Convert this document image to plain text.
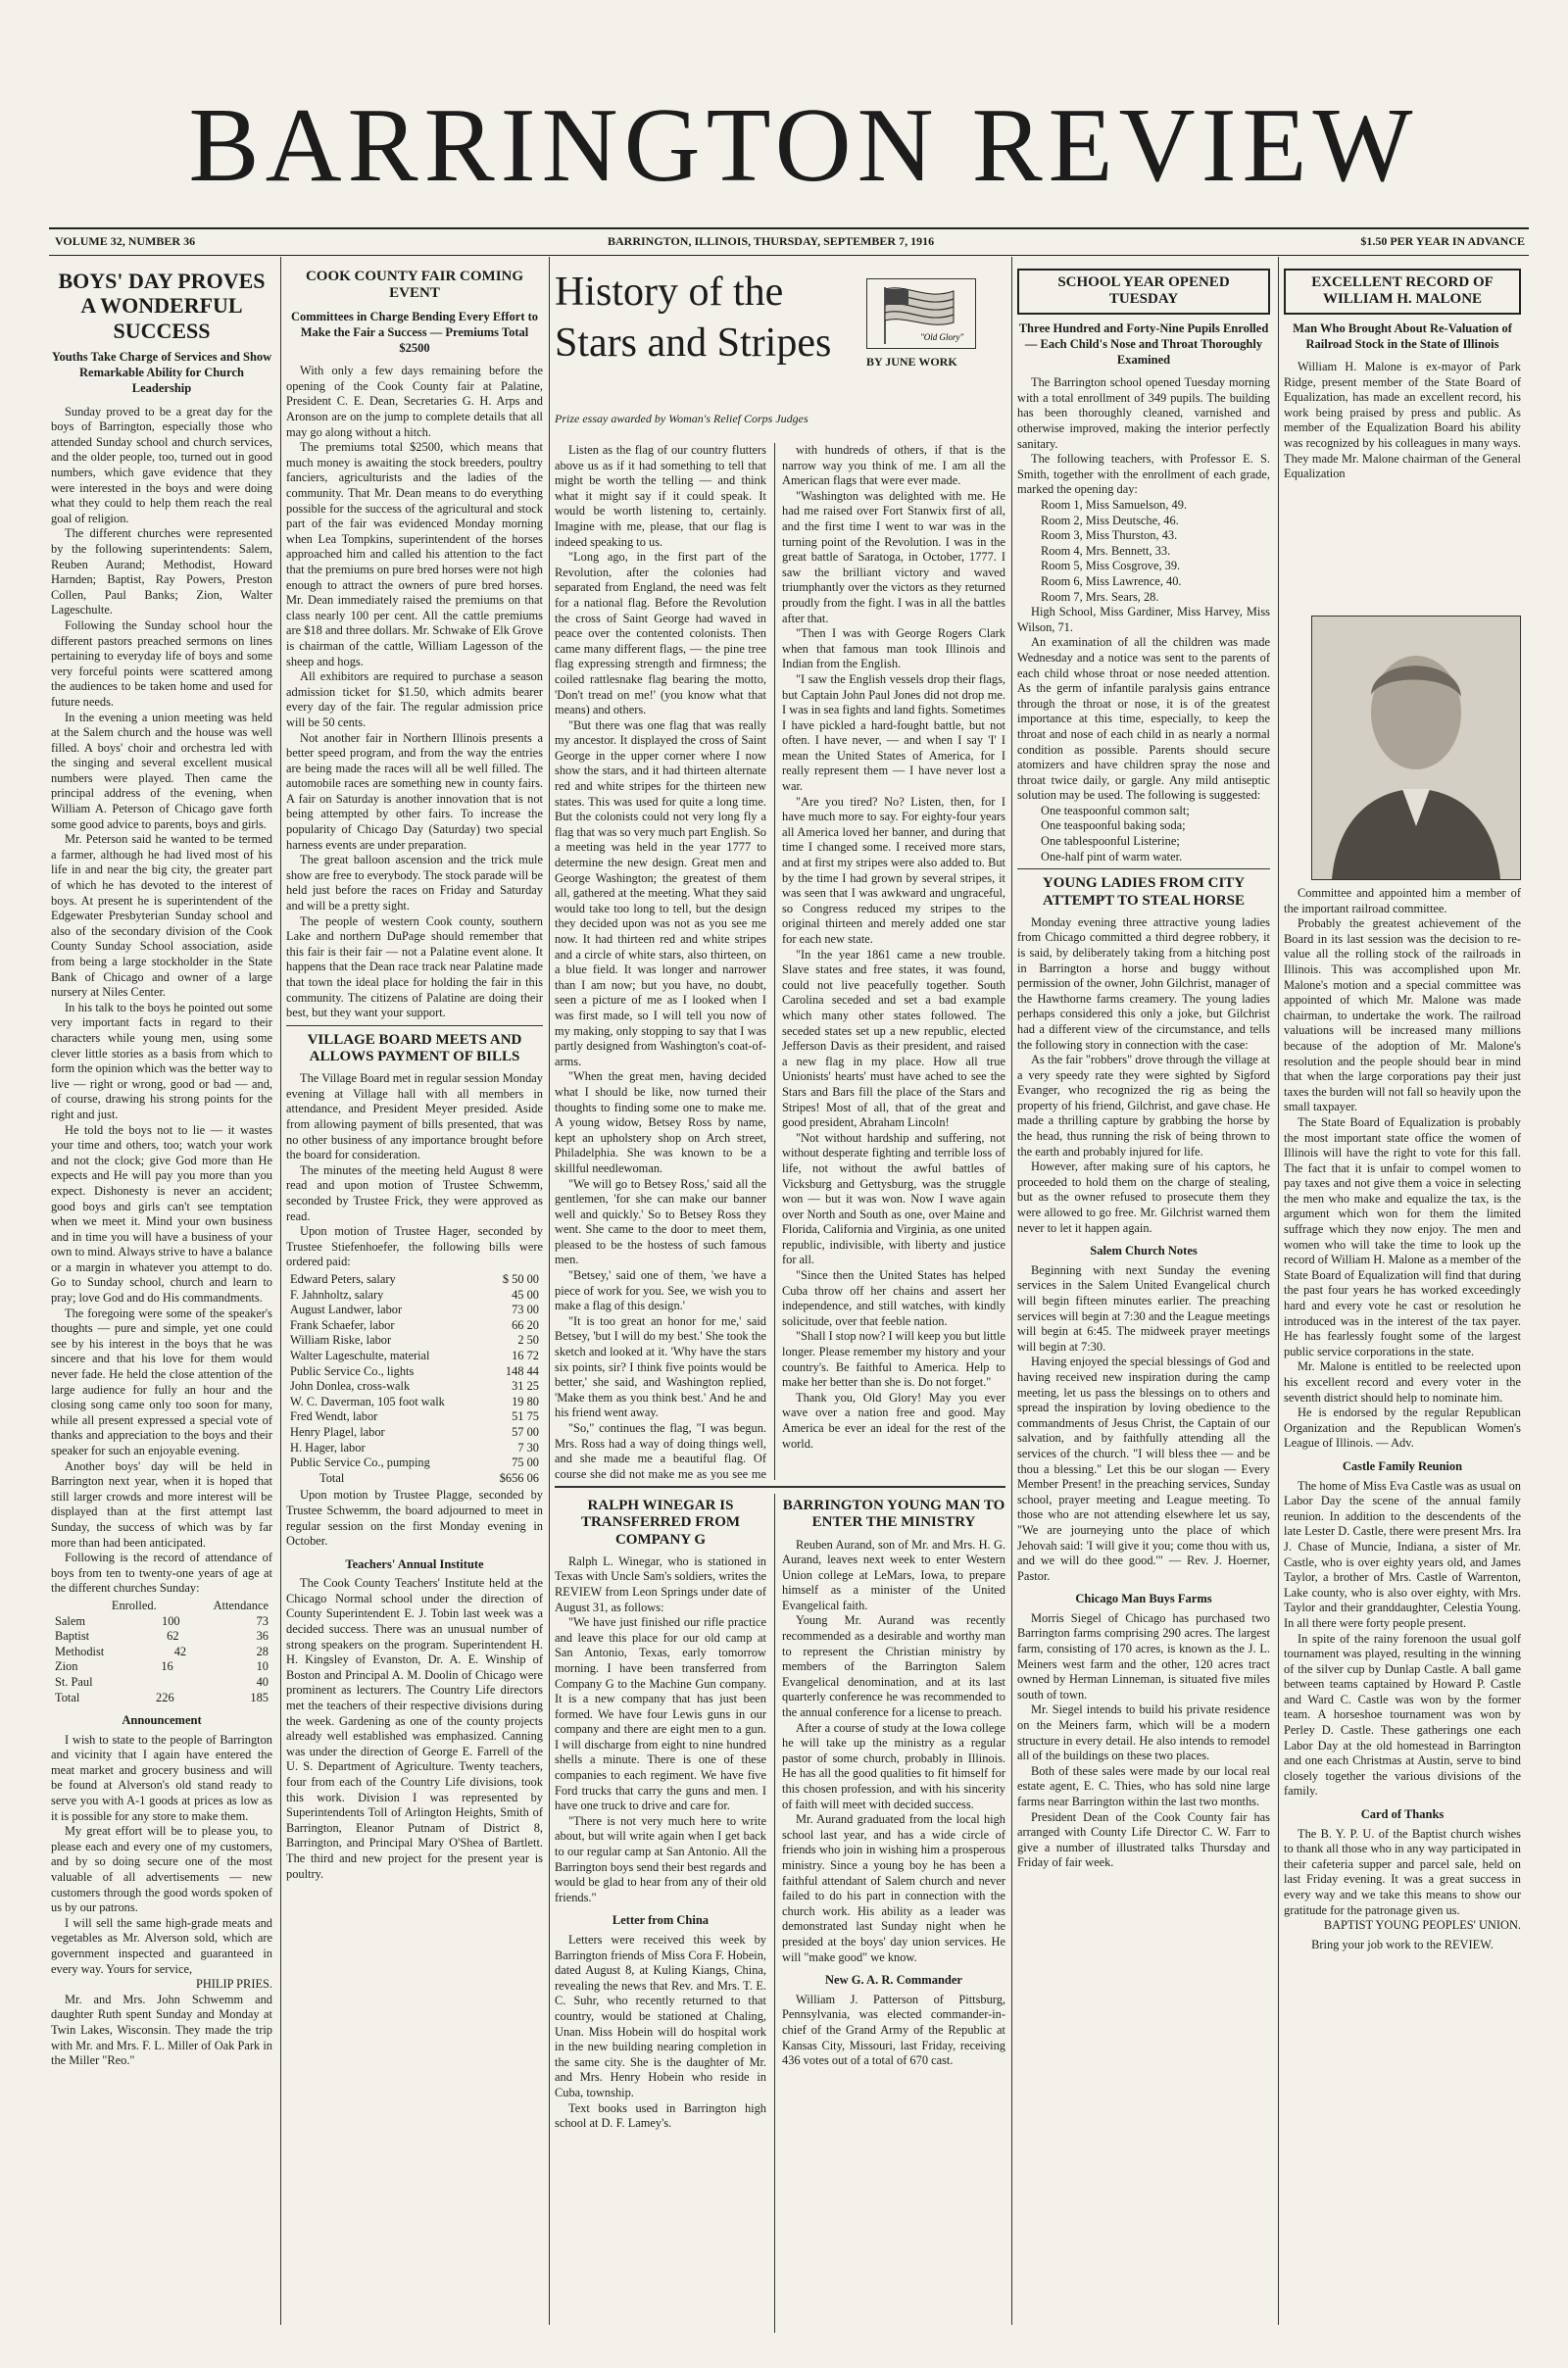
BARRINGTON REVIEW
VOLUME 32, NUMBER 36	BARRINGTON, ILLINOIS, THURSDAY, SEPTEMBER 7, 1916	$1.50 PER YEAR IN ADVANCE
BOYS' DAY PROVES A WONDERFUL SUCCESS
Youths Take Charge of Services and Show Remarkable Ability for Church Leadership

Sunday proved to be a great day for the boys of Barrington, especially those who attended Sunday school and church services, and the older people, too, turned out in good numbers, which gave evidence that they were interested in the boys and were doing what they could to help them reach the real goal of religion.

The different churches were represented by the following superintendents: Salem, Reuben Aurand; Methodist, Howard Harnden; Baptist, Ray Powers, Preston Collen, Paul Banks; Zion, Walter Lageschulte.

Following the Sunday school hour the different pastors preached sermons on lines pertaining to everyday life of boys and some very forceful points were scattered among the audiences to be taken home and used for future needs.

In the evening a union meeting was held at the Salem church and the house was well filled. A boys' choir and orchestra led with the singing and several excellent musical numbers were played. Then came the principal address of the evening, when William A. Peterson of Chicago gave forth some good advice to parents, boys and girls.

Mr. Peterson said he wanted to be termed a farmer, although he had lived most of his life in and near the big city, the greater part of which he has devoted to the interest of boys. At present he is superintendent of the Edgewater Presbyterian Sunday school and also of the secondary division of the Cook County Sunday School association, aside from being a large stockholder in the State Bank of Chicago and owner of a large nursery at Niles Center.

In his talk to the boys he pointed out some very important facts in regard to their characters while young men, using some clever little stories as a basis from which to form the opinion which was the better way to live — right or wrong, good or bad — and, of course, drawing his strong points for the right and just.

He told the boys not to lie — it wastes your time and others, too; watch your work and not the clock; give God more than He expects and He will pay you more than you expect. Dishonesty is never an accident; good boys and girls can't see temptation when we meet it. Mind your own business and in time you will have a business of your own to mind. Always strive to have a balance or a margin in whatever you attempt to do. Go to Sunday school, church and learn to pray; love God and do His commandments.

The foregoing were some of the speaker's thoughts — pure and simple, yet one could see by his interest in the boys that he was sincere and that his love for them would never fade. He held the close attention of the large audience for fully an hour and the closing song came only too soon for many, while all present expressed a special vote of thanks and appreciation to the boys and their speaker for such an enjoyable evening.

Another boys' day will be held in Barrington next year, when it is hoped that still larger crowds and more interest will be displayed than at the first attempt last Sunday, the success of which was by far more than had been anticipated.

Following is the record of attendance of boys from ten to twenty-one years of age at the different churches Sunday:

Enrolled.	Attendance
Salem	100	73
Baptist	62	36
Methodist	42	28
Zion	16	10
St. Paul	40
Total	226	185
Announcement

I wish to state to the people of Barrington and vicinity that I again have entered the meat market and grocery business and will be found at Alverson's old stand ready to serve you with A-1 goods at prices as low as it is possible for any store to make them.

My great effort will be to please you, to please each and every one of my customers, and by so doing secure one of the most valuable of all advertisements — new customers through the good words spoken of us by our patrons.

I will sell the same high-grade meats and vegetables as Mr. Alverson sold, which are government inspected and guaranteed in every way. Yours for service,

PHILIP PRIES.

Mr. and Mrs. John Schwemm and daughter Ruth spent Sunday and Monday at Twin Lakes, Wisconsin. They made the trip with Mr. and Mrs. F. L. Miller of Oak Park in the Miller "Reo."

COOK COUNTY FAIR COMING EVENT
Committees in Charge Bending Every Effort to Make the Fair a Success — Premiums Total $2500

With only a few days remaining before the opening of the Cook County fair at Palatine, President C. E. Dean, Secretaries G. H. Arps and Aronson are on the jump to complete details that all may go along without a hitch.

The premiums total $2500, which means that much money is awaiting the stock breeders, poultry fanciers, agriculturists and the ladies of the community. That Mr. Dean means to do everything possible for the success of the agricultural and stock part of the fair was evidenced Monday morning when Lea Tompkins, superintendent of the horses approached him and called his attention to the fact that the premiums on pure bred horses were not high enough to attract the owners of pure bred horses. Mr. Dean immediately raised the premiums on that class nearly 100 per cent. All the cattle premiums are $18 and three dollars. Mr. Schwake of Elk Grove is chairman of the cattle, William Lagesson of the sheep and hogs.

All exhibitors are required to purchase a season admission ticket for $1.50, which admits bearer every day of the fair. The regular admission price will be 50 cents.

Not another fair in Northern Illinois presents a better speed program, and from the way the entries are being made the races will all be well filled. The automobile races are something new in county fairs. A fair on Saturday is another innovation that is not being attempted by other fairs. To increase the popularity of Chicago Day (Saturday) two special harness events are under preparation.

The great balloon ascension and the trick mule show are free to everybody. The stock parade will be held just before the races on Friday and Saturday and will be a pretty sight.

The people of western Cook county, southern Lake and northern DuPage should remember that this fair is their fair — not a Palatine event alone. It happens that the Dean race track near Palatine made that town the ideal place for holding the fair in this community. The citizens of Palatine are doing their best, but they want your support.

VILLAGE BOARD MEETS AND ALLOWS PAYMENT OF BILLS

The Village Board met in regular session Monday evening at Village hall with all members in attendance, and President Meyer presided. Aside from allowing payment of bills presented, that was no other business of any importance brought before the board for consideration.

The minutes of the meeting held August 8 were read and upon motion of Trustee Schwemm, seconded by Trustee Frick, they were approved as read.

Upon motion of Trustee Hager, seconded by Trustee Stiefenhoefer, the following bills were ordered paid:

Edward Peters, salary	$ 50 00
F. Jahnholtz, salary	45 00
August Landwer, labor	73 00
Frank Schaefer, labor	66 20
William Riske, labor	2 50
Walter Lageschulte, material	16 72
Public Service Co., lights	148 44
John Donlea, cross-walk	31 25
W. C. Daverman, 105 foot walk	19 80
Fred Wendt, labor	51 75
Henry Plagel, labor	57 00
H. Hager, labor	7 30
Public Service Co., pumping	75 00
Total	$656 06

Upon motion by Trustee Plagge, seconded by Trustee Schwemm, the board adjourned to meet in regular session on the first Monday evening in October.

Teachers' Annual Institute

The Cook County Teachers' Institute held at the Chicago Normal school under the direction of County Superintendent E. J. Tobin last week was a decided success. There was an unusual number of strong speakers on the program. Superintendent H. H. Kingsley of Evanston, Dr. A. E. Winship of Boston and Principal A. M. Doolin of Chicago were prominent as lecturers. The Country Life directors met the teachers of their respective divisions during the week. Gardening as one of the county projects already well established was emphasized. Canning was under the direction of George E. Farrell of the U. S. Department of Agriculture. Twenty teachers, four from each of the Country Life divisions, took this work. Division I was represented by Superintendents Toll of Arlington Heights, Smith of Barrington, Eleanor Putnam of District 8, Barrington, and Principal Mary O'Shea of Bartlett. The third and new project for the present year is poultry.

History of the Stars and Stripes	"Old Glory"
BY JUNE WORK
Prize essay awarded by Woman's Relief Corps Judges

Listen as the flag of our country flutters above us as if it had something to tell that might be worth the telling — and think what it might say if it could speak. It would be worth listening to, certainly. Imagine with me, please, that our flag is indeed speaking to us.

"Long ago, in the first part of the Revolution, after the colonies had separated from England, the need was felt for a national flag. Before the Revolution the cross of Saint George had waved in peace over the contented colonists. Then came many different flags, — the pine tree flag expressing strength and firmness; the coiled rattlesnake flag bearing the motto, 'Don't tread on me!' (you know what that means) and others.

"But there was one flag that was really my ancestor. It displayed the cross of Saint George in the upper corner where I now show the stars, and it had thirteen alternate red and white stripes for the thirteen new states. This was used for quite a long time. But the colonists could not very long fly a flag that was so very much part English. So a meeting was held in the year 1777 to determine the new design. Great men and George Washington; the greatest of them all, gathered at the meeting. What they said would take too long to tell, but the design they decided upon was not as you see me now. It had thirteen red and white stripes and a circle of white stars, also thirteen, on a blue field. It was longer and narrower than I am now; but you have, no doubt, seen a picture of me as I looked when I was first made, so I will tell you now of my making, only stopping to say that I was partly designed from Washington's coat-of-arms.

"When the great men, having decided what I should be like, now turned their thoughts to finding some one to make me. A young widow, Betsey Ross by name, kept an upholstery shop on Arch street, Philadelphia. She was known to be a skillful needlewoman.

"We will go to Betsey Ross,' said all the gentlemen, 'for she can make our banner well and quickly.' So to Betsey Ross they went. She came to the door to meet them, pleased to be the hostess of such famous men.

"Betsey,' said one of them, 'we have a piece of work for you. See, we wish you to make a flag of this design.'

"It is too great an honor for me,' said Betsey, 'but I will do my best.' She took the sketch and looked at it. 'Why have the stars six points, sir? I think five points would be better,' she said, and Washington replied, 'Make them as you think best.' And he and his friend went away.

"So," continues the flag, "I was begun. Mrs. Ross had a way of doing things well, and she made me a beautiful flag. Of course she did not make me as you see me

with hundreds of others, if that is the narrow way you think of me. I am all the American flags that were ever made.

"Washington was delighted with me. He had me raised over Fort Stanwix first of all, and the first time I went to war was in the turning point of the Revolution. I was in the great battle of Saratoga, in October, 1777. I saw the brilliant victory and waved triumphantly over the victors as they returned proudly from the fight. I was in all the battles after that.

"Then I was with George Rogers Clark when that famous man took Illinois and Indian from the English.

"I saw the English vessels drop their flags, but Captain John Paul Jones did not drop me. I was in sea fights and land fights. Sometimes I have pickled a hard-fought battle, but not often. I have never, — and when I say 'I' I mean the United States of America, for I really represent them — I have never lost a war.

"Are you tired? No? Listen, then, for I have much more to say. For eighty-four years all America loved her banner, and during that time I changed some. I received more stars, and at first my stripes were also added to. But by the time I had grown by several stripes, it was seen that I was awkward and ungraceful, so Congress reduced my stripes to the original thirteen and merely added one star for each new state.

"In the year 1861 came a new trouble. Slave states and free states, it was found, could not live peacefully together. South Carolina seceded and set a bad example which many other states followed. The seceded states set up a new republic, elected Jefferson Davis as their president, and raised a new flag in my place. How all true Unionists' hearts' must have ached to see the Stars and Bars fill the place of the Stars and Stripes! Most of all, that of the great and good president, Abraham Lincoln!

"Not without hardship and suffering, not without desperate fighting and terrible loss of life, not without the awful battles of Vicksburg and Gettysburg, was the struggle won — but it was won. Now I wave again over North and South as one, over Maine and Florida, California and Virginia, as one united republic, indivisible, with liberty and justice for all.

"Since then the United States has helped Cuba throw off her chains and assert her independence, and still watches, with kindly solicitude, over that feeble nation.

"Shall I stop now? I will keep you but little longer. Please remember my history and your country's. Be faithful to America. Help to make her better than she is. Do not forget."

Thank you, Old Glory! May you ever wave over a nation free and good. May America be ever an ideal for the rest of the world.

RALPH WINEGAR IS TRANSFERRED FROM COMPANY G

Ralph L. Winegar, who is stationed in Texas with Uncle Sam's soldiers, writes the REVIEW from Leon Springs under date of August 31, as follows:

"We have just finished our rifle practice and leave this place for our old camp at San Antonio, Texas, early tomorrow morning. I have been transferred from Company G to the Machine Gun company. It is a new company that has just been formed. We have four Lewis guns in our company and there are eight men to a gun. I will discharge from eight to nine hundred shells a minute. There is one of these companies to each regiment. We have five Ford trucks that carry the guns and men. I have one truck to drive and care for.

"There is not very much here to write about, but will write again when I get back to our regular camp at San Antonio. All the Barrington boys send their best regards and would be glad to hear from any of their old friends."

Letter from China

Letters were received this week by Barrington friends of Miss Cora F. Hobein, dated August 8, at Kuling Kiangs, China, revealing the news that Rev. and Mrs. T. E. C. Suhr, who recently returned to that country, would be stationed at Chaling, Unan. Miss Hobein will do hospital work in the new building nearing completion in the same city. She is the daughter of Mr. and Mrs. Henry Hobein who reside in Cuba, township.

Text books used in Barrington high school at D. F. Lamey's.

BARRINGTON YOUNG MAN TO ENTER THE MINISTRY

Reuben Aurand, son of Mr. and Mrs. H. G. Aurand, leaves next week to enter Western Union college at LeMars, Iowa, to prepare himself as a minister of the United Evangelical faith.

Young Mr. Aurand was recently recommended as a desirable and worthy man to represent the Christian ministry by members of the Barrington Salem Evangelical denomination, and at its last quarterly conference he was recommended to the annual conference for a license to preach.

After a course of study at the Iowa college he will take up the ministry as a regular pastor of some church, probably in Illinois. He has all the good qualities to fit himself for this chosen profession, and with his sincerity of faith will meet with decided success.

Mr. Aurand graduated from the local high school last year, and has a wide circle of friends who join in wishing him a prosperous ministry. Since a young boy he has been a faithful attendant of Salem church and never failed to do his part in connection with the church work. His ability as a leader was demonstrated last Sunday night when he presided at the boys' day union services. He will "make good" we know.

New G. A. R. Commander

William J. Patterson of Pittsburg, Pennsylvania, was elected commander-in-chief of the Grand Army of the Republic at Kansas City, Missouri, last Friday, receiving 436 votes out of a total of 670 cast.

SCHOOL YEAR OPENED TUESDAY
Three Hundred and Forty-Nine Pupils Enrolled — Each Child's Nose and Throat Thoroughly Examined

The Barrington school opened Tuesday morning with a total enrollment of 349 pupils. The building has been thoroughly cleaned, varnished and otherwise improved, making the interior perfectly sanitary.

The following teachers, with Professor E. S. Smith, together with the enrollment of each grade, marked the opening day:

Room 1, Miss Samuelson, 49.
Room 2, Miss Deutsche, 46.
Room 3, Miss Thurston, 43.
Room 4, Mrs. Bennett, 33.
Room 5, Miss Cosgrove, 39.
Room 6, Miss Lawrence, 40.
Room 7, Mrs. Sears, 28.

High School, Miss Gardiner, Miss Harvey, Miss Wilson, 71.

An examination of all the children was made Wednesday and a notice was sent to the parents of each child whose throat or nose needed attention. As the germ of infantile paralysis gains entrance through the throat or nose, it is of the greatest importance at this time, especially, to keep the throat and nose of each child in as nearly a normal condition as possible. Parents should secure atomizers and have children spray the nose and throat twice daily, or gargle. Any mild antiseptic solution may be used. The following is suggested:

One teaspoonful common salt;
One teaspoonful baking soda;
One tablespoonful Listerine;
One-half pint of warm water.
YOUNG LADIES FROM CITY ATTEMPT TO STEAL HORSE

Monday evening three attractive young ladies from Chicago committed a third degree robbery, it is said, by deliberately taking from a hitching post in Barrington a horse and buggy without permission of the owner, John Gilchrist, manager of the Hawthorne farms creamery. The young ladies perhaps considered this only a joke, but Gilchrist had a different view of the circumstance, and tells the following story in connection with the case:

As the fair "robbers" drove through the village at a very speedy rate they were sighted by Sigford Evanger, who recognized the rig as being the property of his friend, Gilchrist, and gave chase. He made a thrilling capture by grabbing the horse by the head, thus running the risk of being thrown to the earth and probably injured for life.

However, after making sure of his captors, he proceeded to hold them on the charge of stealing, but as the owner refused to prosecute them they were allowed to go free. Mr. Gilchrist warned them never to let it happen again.

Salem Church Notes

Beginning with next Sunday the evening services in the Salem United Evangelical church will begin fifteen minutes earlier. The preaching services will begin at 7:30 and the League meetings will begin at 6:45. The midweek prayer meetings will begin at 7:30.

Having enjoyed the special blessings of God and having received new inspiration during the camp meeting, let us pass the blessings on to others and spread the inspiration by loving obedience to the commandments of Jesus Christ, the Captain of our salvation, and by faithfully attending all the services of the church. "I will bless thee — and be thou a blessing." Let this be our slogan — Every Member Present! in the preaching services, Sunday school, prayer meeting and League meeting. To those who are not attending elsewhere let us say, "We are journeying unto the place of which Jehovah said: 'I will give it you; come thou with us, and we will do thee good.'" — Rev. J. Hoerner, Pastor.

Chicago Man Buys Farms

Morris Siegel of Chicago has purchased two Barrington farms comprising 290 acres. The largest farm, consisting of 170 acres, is known as the J. L. Meiners west farm and the other, 120 acres tract owned by Herman Linneman, is situated five miles south of town.

Mr. Siegel intends to build his private residence on the Meiners farm, which will be a modern structure in every detail. He also intends to remodel all of the buildings on these two places.

Both of these sales were made by our local real estate agent, E. C. Thies, who has sold nine large farms near Barrington within the last two months.

President Dean of the Cook County fair has arranged with County Life Director C. W. Farr to give a number of illustrated talks Thursday and Friday of fair week.

EXCELLENT RECORD OF WILLIAM H. MALONE
Man Who Brought About Re-Valuation of Railroad Stock in the State of Illinois

William H. Malone is ex-mayor of Park Ridge, present member of the State Board of Equalization, has made an excellent record, his work being praised by press and public. As member of the Equalization Board his ability was recognized by his colleagues in many ways. They made Mr. Malone chairman of the General Equalization

Committee and appointed him a member of the important railroad committee.

Probably the greatest achievement of the Board in its last session was the decision to re-value all the rolling stock of the railroads in Illinois. This was accomplished upon Mr. Malone's motion and a special committee was appointed of which Mr. Malone was made chairman, to undertake the work. The railroad valuations will be increased many millions because of the adoption of Mr. Malone's resolution and the people should bear in mind that when the large corporations pay their just taxes the burden will not fall so heavily upon the small taxpayer.

The State Board of Equalization is probably the most important state office the women of Illinois will have the right to vote for this fall. The fact that it is unfair to compel women to pay taxes and not give them a voice in selecting the men who make and equalize the tax, is the argument which won for them the limited suffrage which they now enjoy. The men and women who will take the time to look up the record of William H. Malone as a member of the State Board of Equalization will find that during the past four years he has worked exceedingly hard and every vote he cast or resolution he introduced was in the interest of the tax payer. He has fearlessly fought some of the largest public service corporations in the state.

Mr. Malone is entitled to be reelected upon his excellent record and every voter in the seventh district should help to nominate him.

He is endorsed by the regular Republican Organization and the Republican Women's League of Illinois. — Adv.

Castle Family Reunion

The home of Miss Eva Castle was as usual on Labor Day the scene of the annual family reunion. In addition to the descendents of the late Lester D. Castle, there were present Mrs. Ira J. Chase of Muncie, Indiana, a sister of Mr. Castle, who is over eighty years old, and James Taylor, a brother of Mrs. Castle of Warrenton, Lake county, who is also over eighty, with Mrs. Taylor and their granddaughter, Celestia Young. In all there were forty people present.

In spite of the rainy forenoon the usual golf tournament was played, resulting in the winning of the silver cup by Dunlap Castle. A ball game between teams captained by Howard P. Castle and Ward C. Castle was won by the former team. A horseshoe tournament was won by Perley D. Castle. These gatherings one each Labor Day at the old homestead in Barrington and one each Christmas at Austin, serve to bind closely together the various divisions of the family.

Card of Thanks

The B. Y. P. U. of the Baptist church wishes to thank all those who in any way participated in their cafeteria supper and parcel sale, held on last Friday evening. It was a great success in every way and we take this means to show our gratitude for the patronage given us.

BAPTIST YOUNG PEOPLES' UNION.
Bring your job work to the REVIEW.
